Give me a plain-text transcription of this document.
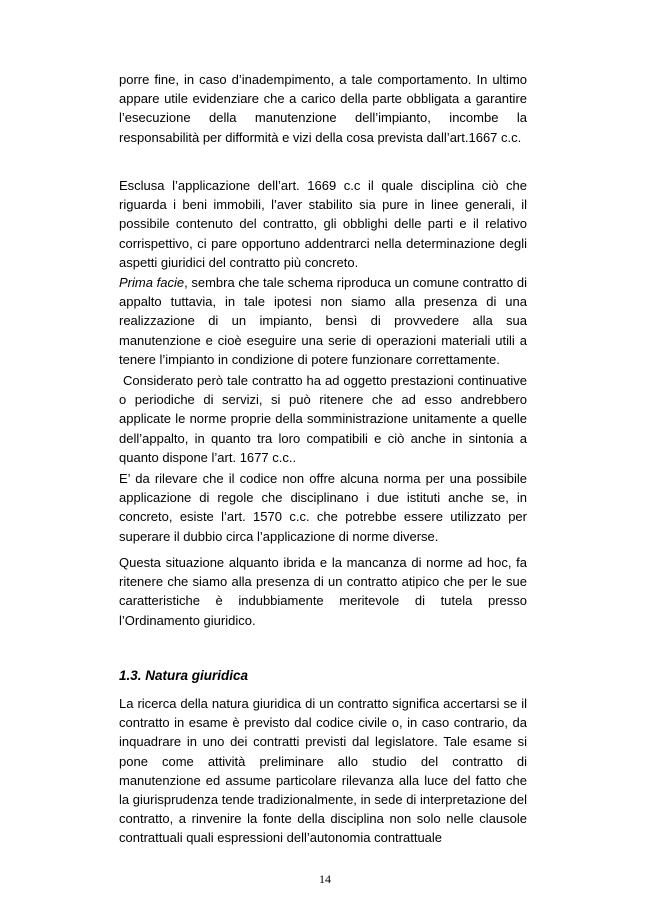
porre fine, in caso d’inadempimento, a tale comportamento. In ultimo appare utile evidenziare che a carico della parte obbligata a garantire l’esecuzione della manutenzione dell’impianto, incombe la responsabilità per difformità e vizi della cosa prevista dall’art.1667 c.c.

Esclusa l’applicazione dell’art. 1669 c.c il quale disciplina ciò che riguarda i beni immobili, l’aver stabilito sia pure in linee generali, il possibile contenuto del contratto, gli obblighi delle parti e il relativo corrispettivo, ci pare opportuno addentrarci nella determinazione degli aspetti giuridici del contratto più concreto.

Prima facie, sembra che tale schema riproduca un comune contratto di appalto tuttavia, in tale ipotesi non siamo alla presenza di una realizzazione di un impianto, bensì di provvedere alla sua manutenzione e cioè eseguire una serie di operazioni materiali utili a tenere l’impianto in condizione di potere funzionare correttamente.

Considerato però tale contratto ha ad oggetto prestazioni continuative o periodiche di servizi, si può ritenere che ad esso andrebbero applicate le norme proprie della somministrazione unitamente a quelle dell’appalto, in quanto tra loro compatibili e ciò anche in sintonia a quanto dispone l’art. 1677 c.c..

E’ da rilevare che il codice non offre alcuna norma per una possibile applicazione di regole che disciplinano i due istituti anche se, in concreto, esiste l’art. 1570 c.c. che potrebbe essere utilizzato per superare il dubbio circa l’applicazione di norme diverse.

Questa situazione alquanto ibrida e la mancanza di norme ad hoc, fa ritenere che siamo alla presenza di un contratto atipico che per le sue caratteristiche è indubbiamente meritevole di tutela presso l’Ordinamento giuridico.

1.3. Natura giuridica

La ricerca della natura giuridica di un contratto significa accertarsi se il contratto in esame è previsto dal codice civile o, in caso contrario, da inquadrare in uno dei contratti previsti dal legislatore. Tale esame si pone come attività preliminare allo studio del contratto di manutenzione ed assume particolare rilevanza alla luce del fatto che la giurisprudenza tende tradizionalmente, in sede di interpretazione del contratto, a rinvenire la fonte della disciplina non solo nelle clausole contrattuali quali espressioni dell’autonomia contrattuale

14
